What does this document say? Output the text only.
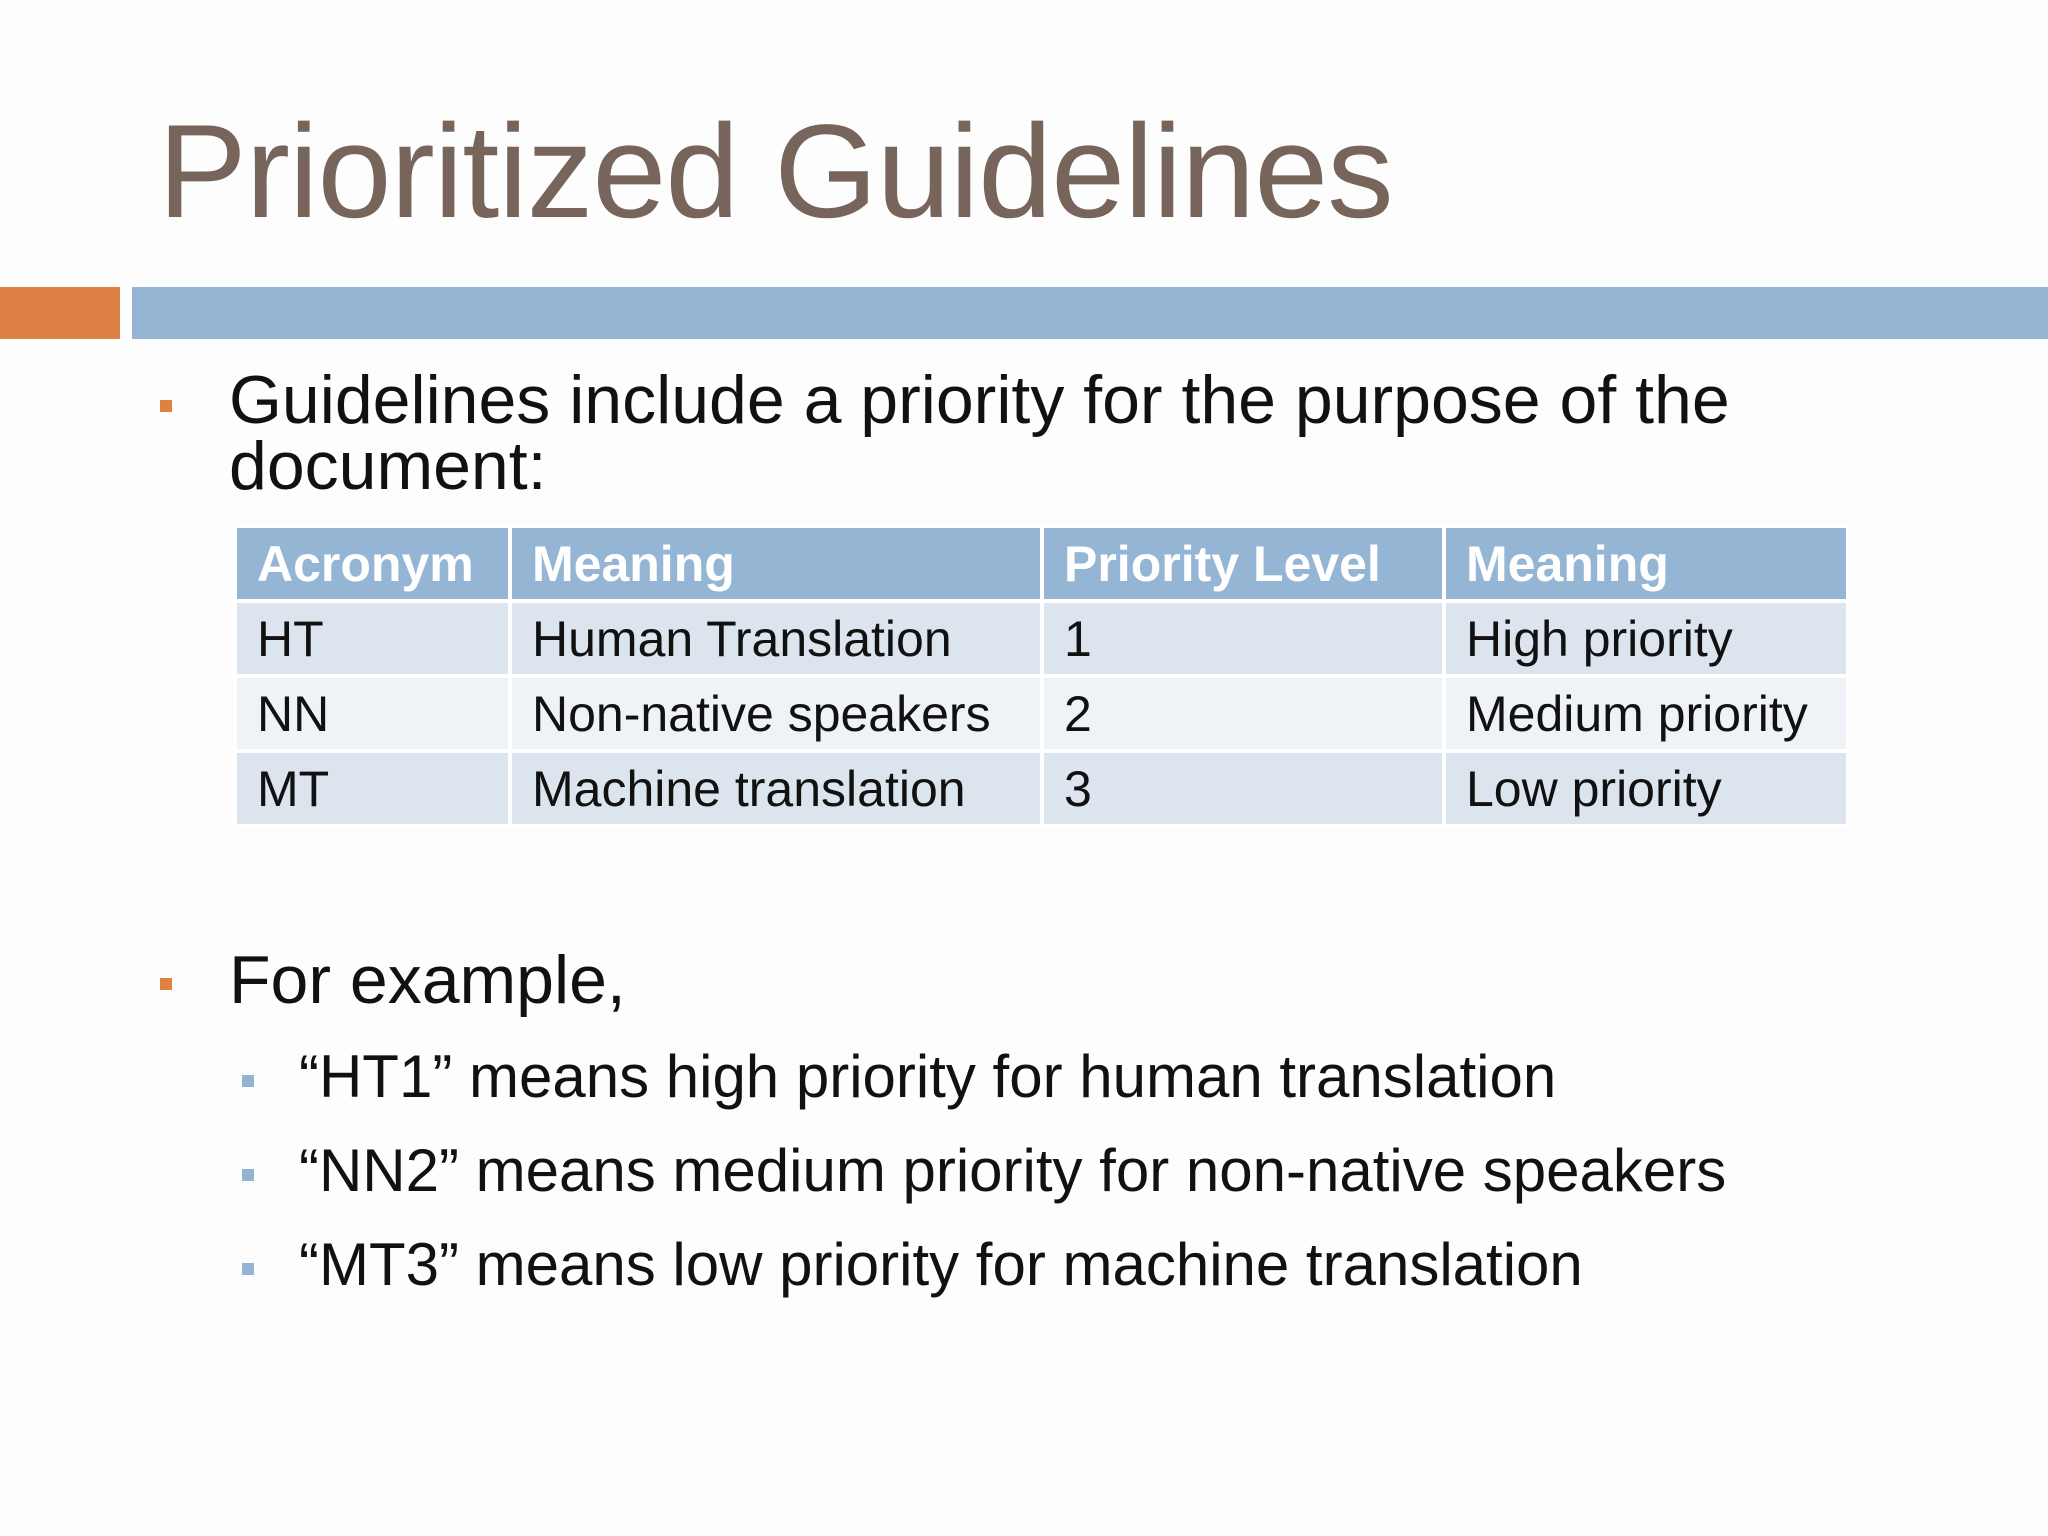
Prioritized Guidelines
Guidelines include a priority for the purpose of the
document:
Acronym	Meaning	Priority Level	Meaning
HT	Human Translation	1	High priority
NN	Non-native speakers	2	Medium priority
MT	Machine translation	3	Low priority
For example,
“HT1” means high priority for human translation
“NN2” means medium priority for non-native speakers
“MT3” means low priority for machine translation
